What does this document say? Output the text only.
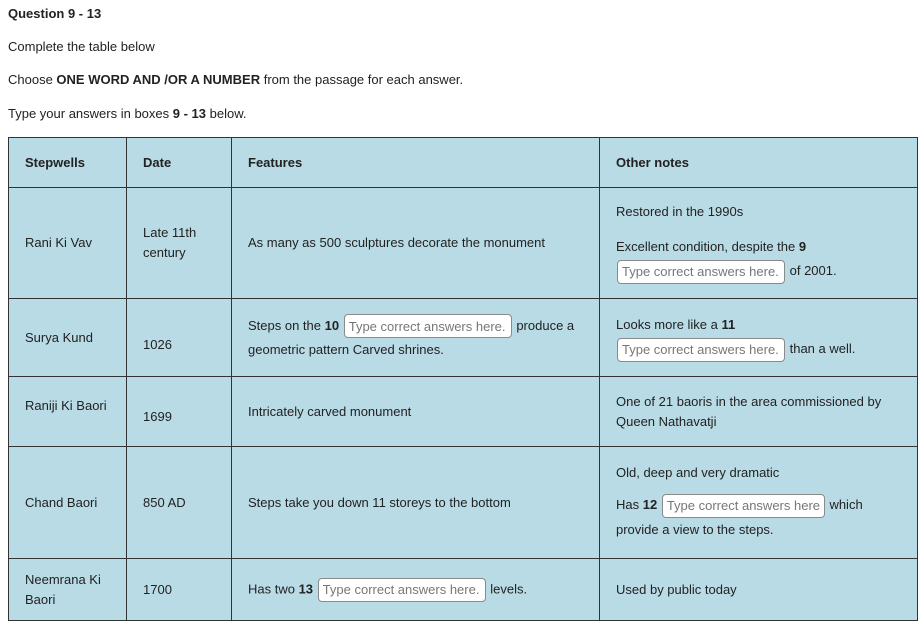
Question 9 - 13
Complete the table below
Choose ONE WORD AND /OR A NUMBER from the passage for each answer.
Type your answers in boxes 9 - 13 below.
Stepwells	Date	Features	Other notes
Rani Ki Vav	Late 11th century	As many as 500 sculptures decorate the monument	Restored in the 1990s

Excellent condition, despite the 9
Type correct answers here. of 2001.

Surya Kund	1026	Steps on the 10 Type correct answers here. produce a geometric pattern Carved shrines.	Looks more like a 11
Type correct answers here. than a well.
Raniji Ki Baori	1699	Intricately carved monument	One of 21 baoris in the area commissioned by Queen Nathavatji
Chand Baori	850 AD	Steps take you down 11 storeys to the bottom	Old, deep and very dramatic

Has 12 Type correct answers here. which provide a view to the steps.

Neemrana Ki Baori	1700	Has two 13 Type correct answers here. levels.	Used by public today
